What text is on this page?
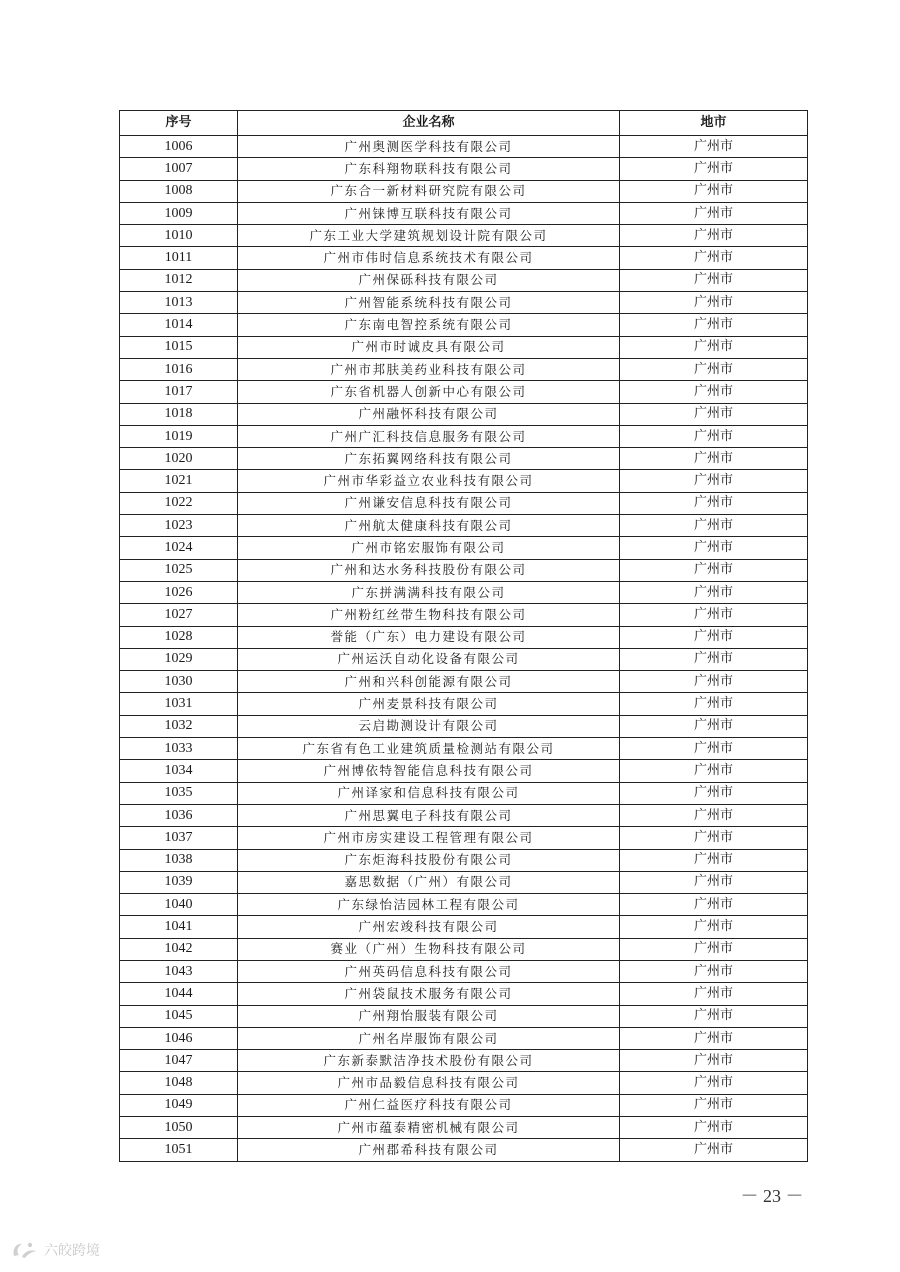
序号	企业名称	地市
1006	广州奥测医学科技有限公司	广州市
1007	广东科翔物联科技有限公司	广州市
1008	广东合一新材料研究院有限公司	广州市
1009	广州铼博互联科技有限公司	广州市
1010	广东工业大学建筑规划设计院有限公司	广州市
1011	广州市伟时信息系统技术有限公司	广州市
1012	广州保砾科技有限公司	广州市
1013	广州智能系统科技有限公司	广州市
1014	广东南电智控系统有限公司	广州市
1015	广州市时诚皮具有限公司	广州市
1016	广州市邦肤美药业科技有限公司	广州市
1017	广东省机器人创新中心有限公司	广州市
1018	广州融怀科技有限公司	广州市
1019	广州广汇科技信息服务有限公司	广州市
1020	广东拓翼网络科技有限公司	广州市
1021	广州市华彩益立农业科技有限公司	广州市
1022	广州谦安信息科技有限公司	广州市
1023	广州航太健康科技有限公司	广州市
1024	广州市铭宏服饰有限公司	广州市
1025	广州和达水务科技股份有限公司	广州市
1026	广东拼满满科技有限公司	广州市
1027	广州粉红丝带生物科技有限公司	广州市
1028	誉能（广东）电力建设有限公司	广州市
1029	广州运沃自动化设备有限公司	广州市
1030	广州和兴科创能源有限公司	广州市
1031	广州麦景科技有限公司	广州市
1032	云启勘测设计有限公司	广州市
1033	广东省有色工业建筑质量检测站有限公司	广州市
1034	广州博依特智能信息科技有限公司	广州市
1035	广州译家和信息科技有限公司	广州市
1036	广州思翼电子科技有限公司	广州市
1037	广州市房实建设工程管理有限公司	广州市
1038	广东炬海科技股份有限公司	广州市
1039	嘉思数据（广州）有限公司	广州市
1040	广东绿怡洁园林工程有限公司	广州市
1041	广州宏竣科技有限公司	广州市
1042	赛业（广州）生物科技有限公司	广州市
1043	广州英码信息科技有限公司	广州市
1044	广州袋鼠技术服务有限公司	广州市
1045	广州翔怡服装有限公司	广州市
1046	广州名岸服饰有限公司	广州市
1047	广东新泰默洁净技术股份有限公司	广州市
1048	广州市品毅信息科技有限公司	广州市
1049	广州仁益医疗科技有限公司	广州市
1050	广州市蕴泰精密机械有限公司	广州市
1051	广州郡希科技有限公司	广州市
－ 23 －
六皎跨境
